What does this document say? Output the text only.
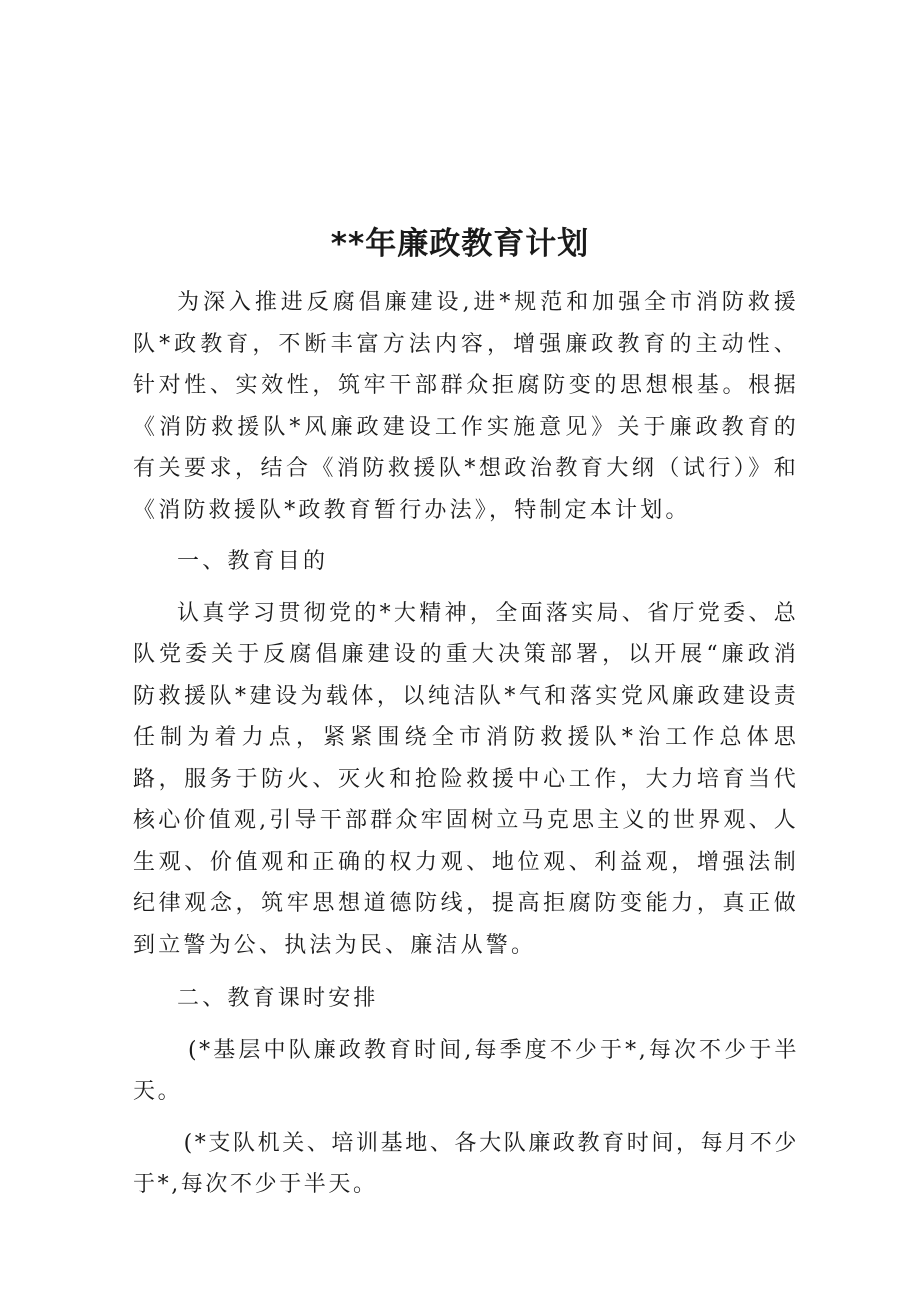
**年廉政教育计划

为深入推进反腐倡廉建设,进*规范和加强全市消防救援队*政教育，不断丰富方法内容，增强廉政教育的主动性、针对性、实效性，筑牢干部群众拒腐防变的思想根基。根据《消防救援队*风廉政建设工作实施意见》关于廉政教育的有关要求，结合《消防救援队*想政治教育大纲（试行）》和《消防救援队*政教育暂行办法》，特制定本计划。

一、教育目的

认真学习贯彻党的*大精神，全面落实局、省厅党委、总队党委关于反腐倡廉建设的重大决策部署，以开展“廉政消防救援队*建设为载体，以纯洁队*气和落实党风廉政建设责任制为着力点，紧紧围绕全市消防救援队*治工作总体思路，服务于防火、灭火和抢险救援中心工作，大力培育当代核心价值观,引导干部群众牢固树立马克思主义的世界观、人生观、价值观和正确的权力观、地位观、利益观，增强法制纪律观念，筑牢思想道德防线，提高拒腐防变能力，真正做到立警为公、执法为民、廉洁从警。

二、教育课时安排

(*基层中队廉政教育时间,每季度不少于*,每次不少于半天。

(*支队机关、培训基地、各大队廉政教育时间，每月不少于*,每次不少于半天。
